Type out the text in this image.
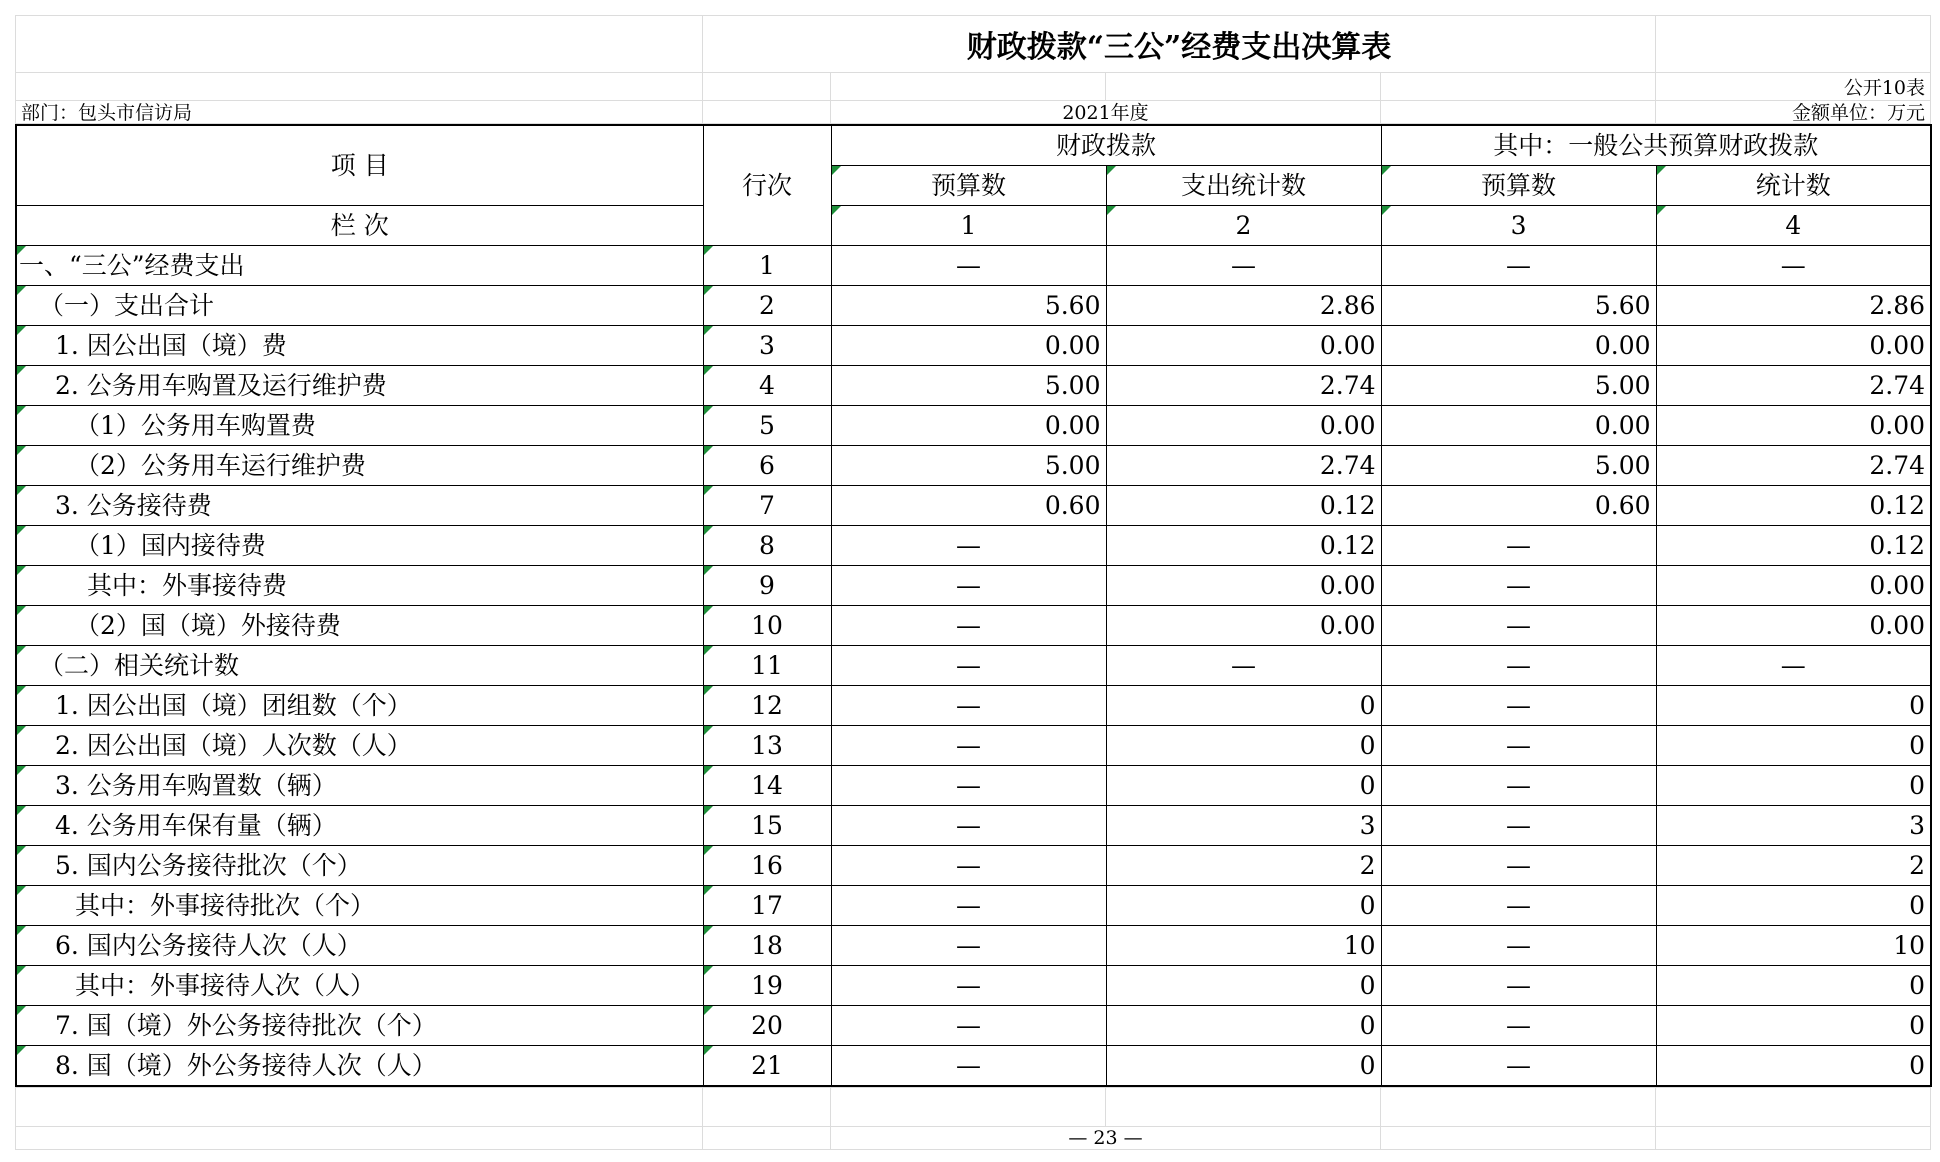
	财政拨款“三公”经费支出决算表				
					公开10表
部门：包头市信访局		2021年度			金额单位：万元
项 目	行次	财政拨款		其中：一般公共预算财政拨款	
		预算数	支出统计数	预算数	统计数
栏 次		1	2	3	4
一、“三公”经费支出	1	—	—	—	—
（一）支出合计	2	5.60	2.86	5.60	2.86
1. 因公出国（境）费	3	0.00	0.00	0.00	0.00
2. 公务用车购置及运行维护费	4	5.00	2.74	5.00	2.74
（1）公务用车购置费	5	0.00	0.00	0.00	0.00
（2）公务用车运行维护费	6	5.00	2.74	5.00	2.74
3. 公务接待费	7	0.60	0.12	0.60	0.12
（1）国内接待费	8	—	0.12	—	0.12
其中：外事接待费	9	—	0.00	—	0.00
（2）国（境）外接待费	10	—	0.00	—	0.00
（二）相关统计数	11	—	—	—	—
1. 因公出国（境）团组数（个）	12	—	0	—	0
2. 因公出国（境）人次数（人）	13	—	0	—	0
3. 公务用车购置数（辆）	14	—	0	—	0
4. 公务用车保有量（辆）	15	—	3	—	3
5. 国内公务接待批次（个）	16	—	2	—	2
其中：外事接待批次（个）	17	—	0	—	0
6. 国内公务接待人次（人）	18	—	10	—	10
其中：外事接待人次（人）	19	—	0	—	0
7. 国（境）外公务接待批次（个）	20	—	0	—	0
8. 国（境）外公务接待人次（人）	21	—	0	—	0

		— 23 —			
